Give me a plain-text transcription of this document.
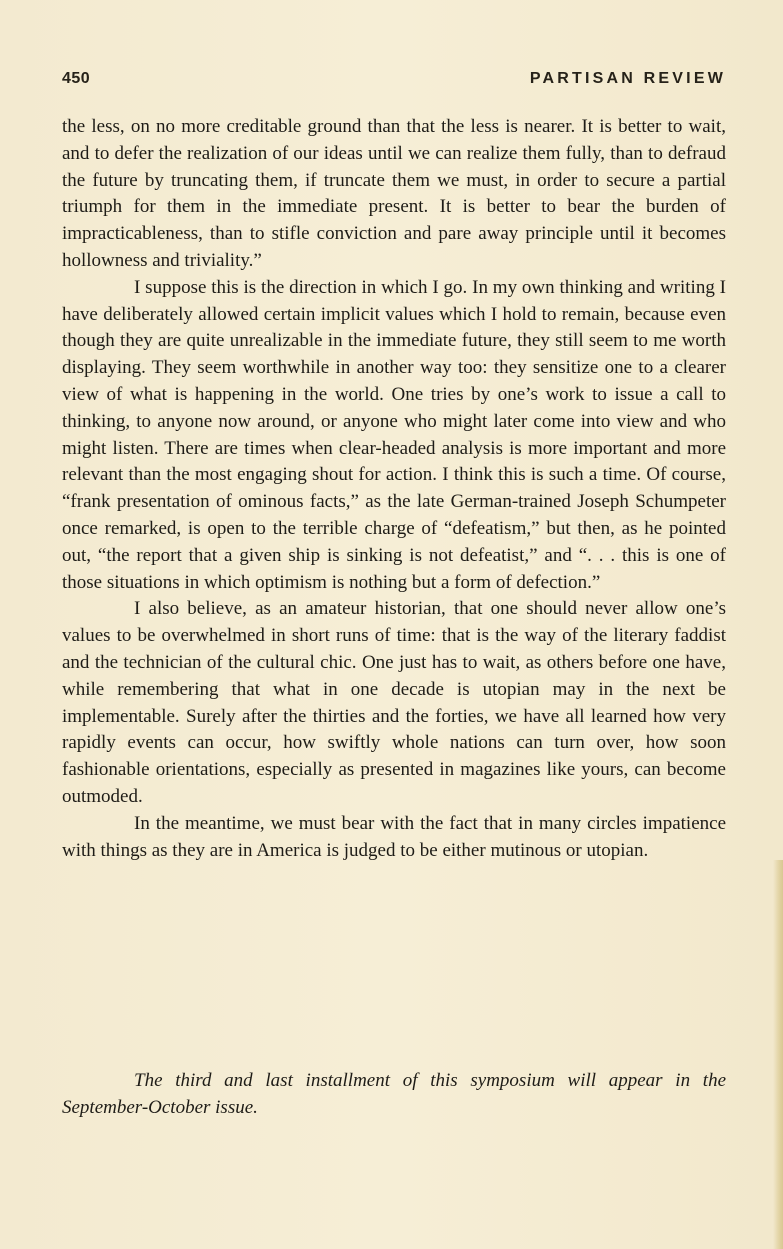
450	PARTISAN REVIEW

the less, on no more creditable ground than that the less is nearer. It is better to wait, and to defer the realization of our ideas until we can realize them fully, than to defraud the future by truncating them, if truncate them we must, in order to secure a partial triumph for them in the immediate present. It is better to bear the burden of impracticableness, than to stifle conviction and pare away principle until it becomes hollowness and triviality.”

I suppose this is the direction in which I go. In my own thinking and writing I have deliberately allowed certain implicit values which I hold to remain, because even though they are quite unrealizable in the immediate future, they still seem to me worth displaying. They seem worthwhile in another way too: they sensitize one to a clearer view of what is happening in the world. One tries by one’s work to issue a call to thinking, to anyone now around, or anyone who might later come into view and who might listen. There are times when clear-headed analysis is more important and more relevant than the most engaging shout for action. I think this is such a time. Of course, “frank presentation of ominous facts,” as the late German-trained Joseph Schumpeter once remarked, is open to the terrible charge of “defeatism,” but then, as he pointed out, “the report that a given ship is sinking is not defeatist,” and “. . . this is one of those situations in which optimism is nothing but a form of defection.”

I also believe, as an amateur historian, that one should never allow one’s values to be overwhelmed in short runs of time: that is the way of the literary faddist and the technician of the cultural chic. One just has to wait, as others before one have, while remembering that what in one decade is utopian may in the next be implementable. Surely after the thirties and the forties, we have all learned how very rapidly events can occur, how swiftly whole nations can turn over, how soon fashionable orientations, especially as presented in magazines like yours, can become outmoded.

In the meantime, we must bear with the fact that in many circles impatience with things as they are in America is judged to be either mutinous or utopian.

The third and last installment of this symposium will appear in the September-October issue.
